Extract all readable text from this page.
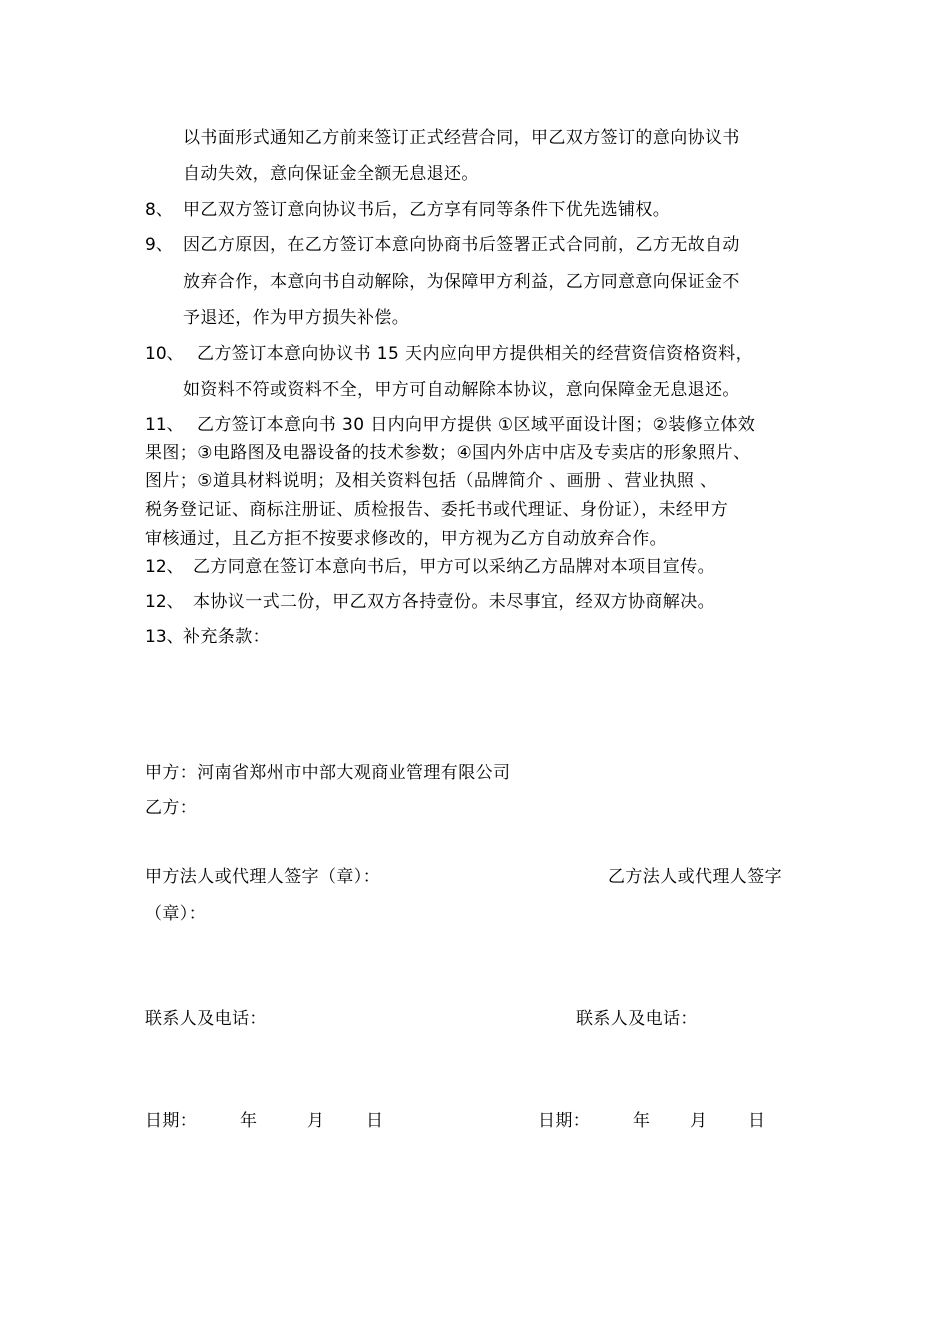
以书面形式通知乙方前来签订正式经营合同，甲乙双方签订的意向协议书
自动失效，意向保证金全额无息退还。
8、 甲乙双方签订意向协议书后，乙方享有同等条件下优先选铺权。
9、 因乙方原因，在乙方签订本意向协商书后签署正式合同前，乙方无故自动
放弃合作，本意向书自动解除，为保障甲方利益，乙方同意意向保证金不
予退还，作为甲方损失补偿。
10、 乙方签订本意向协议书 15 天内应向甲方提供相关的经营资信资格资料，
如资料不符或资料不全，甲方可自动解除本协议，意向保障金无息退还。
11、 乙方签订本意向书 30 日内向甲方提供 ①区域平面设计图；②装修立体效
果图；③电路图及电器设备的技术参数；④国内外店中店及专卖店的形象照片、
图片；⑤道具材料说明；及相关资料包括（品牌简介 、画册 、营业执照 、
税务登记证、商标注册证、质检报告、委托书或代理证、身份证），未经甲方
审核通过，且乙方拒不按要求修改的，甲方视为乙方自动放弃合作。
12、 乙方同意在签订本意向书后，甲方可以采纳乙方品牌对本项目宣传。
12、 本协议一式二份，甲乙双方各持壹份。未尽事宜，经双方协商解决。
13、 补充条款：
甲方：河南省郑州市中部大观商业管理有限公司
乙方：
甲方法人或代理人签字（章）：	乙方法人或代理人签字
（章）：
联系人及电话：	联系人及电话：
日期：	年	月 日	日期：	年 月 日
